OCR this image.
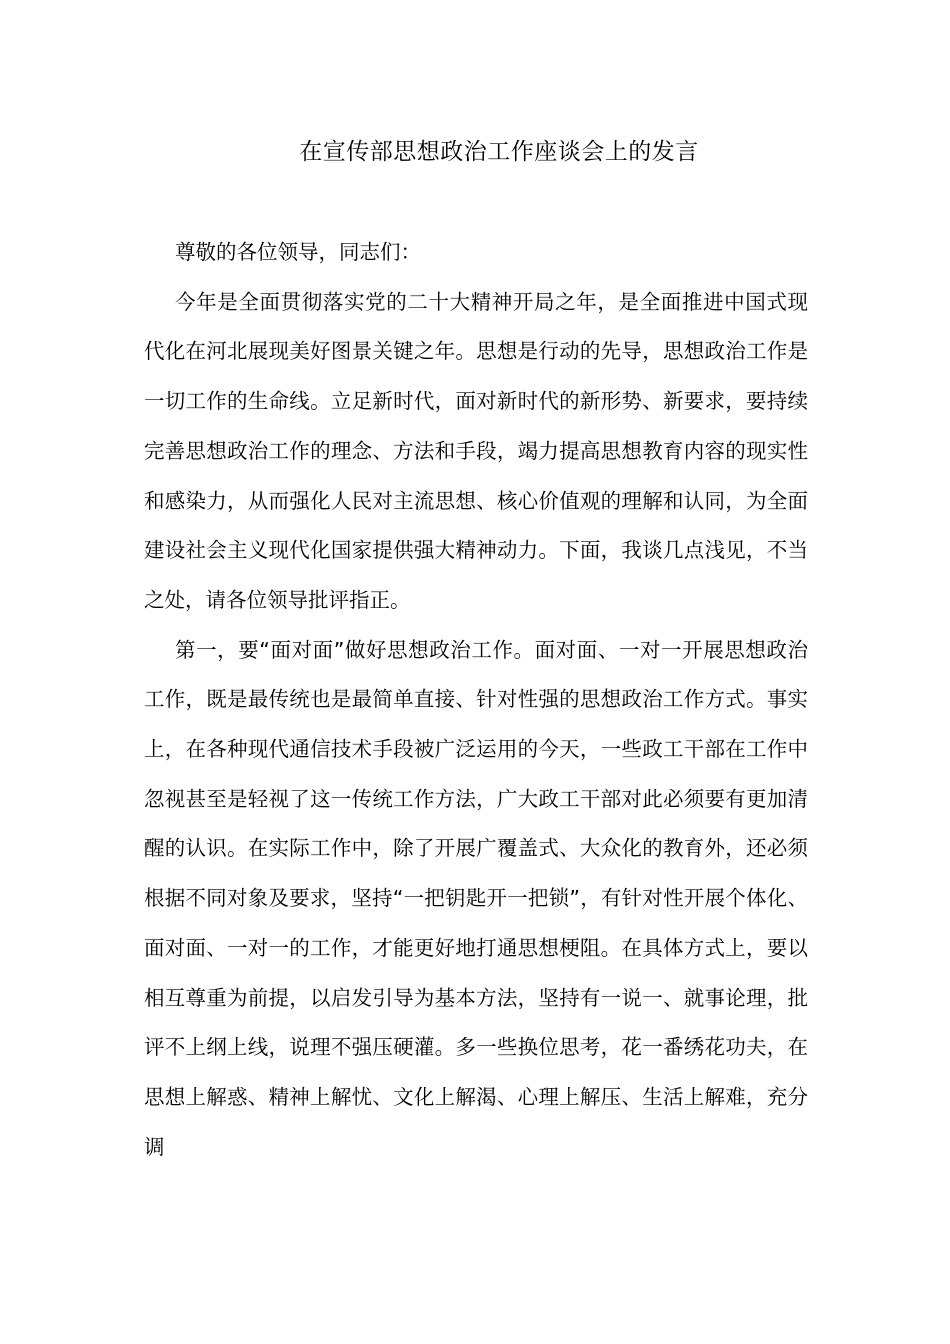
在宣传部思想政治工作座谈会上的发言

尊敬的各位领导，同志们：

今年是全面贯彻落实党的二十大精神开局之年，是全面推进中国式现代化在河北展现美好图景关键之年。思想是行动的先导，思想政治工作是一切工作的生命线。立足新时代，面对新时代的新形势、新要求，要持续完善思想政治工作的理念、方法和手段，竭力提高思想教育内容的现实性和感染力，从而强化人民对主流思想、核心价值观的理解和认同，为全面建设社会主义现代化国家提供强大精神动力。下面，我谈几点浅见，不当之处，请各位领导批评指正。

第一，要“面对面”做好思想政治工作。面对面、一对一开展思想政治工作，既是最传统也是最简单直接、针对性强的思想政治工作方式。事实上，在各种现代通信技术手段被广泛运用的今天，一些政工干部在工作中忽视甚至是轻视了这一传统工作方法，广大政工干部对此必须要有更加清醒的认识。在实际工作中，除了开展广覆盖式、大众化的教育外，还必须根据不同对象及要求，坚持“一把钥匙开一把锁”，有针对性开展个体化、面对面、一对一的工作，才能更好地打通思想梗阻。在具体方式上，要以相互尊重为前提，以启发引导为基本方法，坚持有一说一、就事论理，批评不上纲上线，说理不强压硬灌。多一些换位思考，花一番绣花功夫，在思想上解惑、精神上解忧、文化上解渴、心理上解压、生活上解难，充分调
